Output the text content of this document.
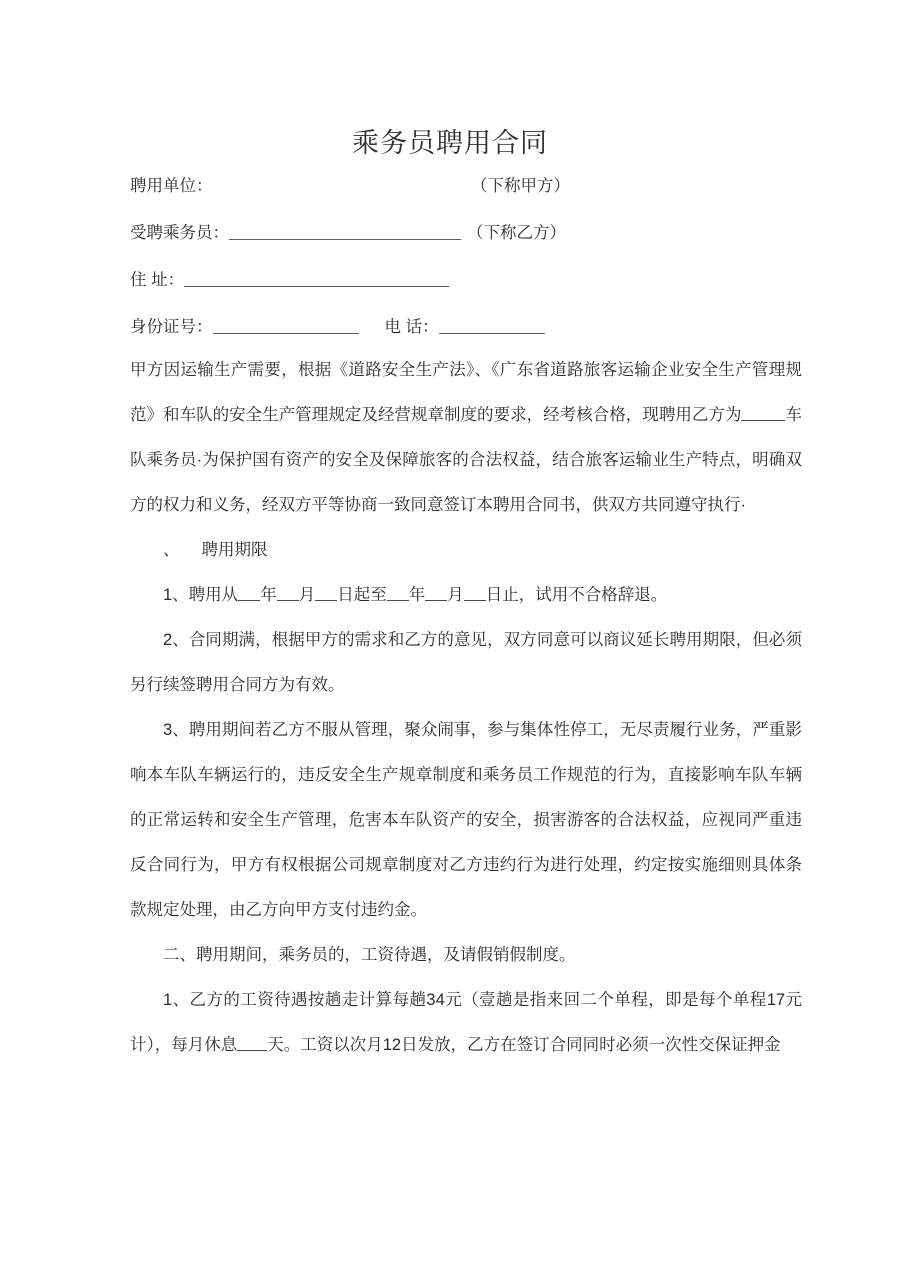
乘务员聘用合同
聘用单位：	（下称甲方）
受聘乘务员：	（下称乙方）
住 址：
身份证号：	电 话：

甲方因运输生产需要，根据《道路安全生产法》、《广东省道路旅客运输企业安全生产管理规范》和车队的安全生产管理规定及经营规章制度的要求，经考核合格，现聘用乙方为	车队乘务员·为保护国有资产的安全及保障旅客的合法权益，结合旅客运输业生产特点，明确双方的权力和义务，经双方平等协商一致同意签订本聘用合同书，供双方共同遵守执行·

、 聘用期限

1、聘用从 年 月 日起至 年 月 日止，试用不合格辞退。

2、合同期满，根据甲方的需求和乙方的意见，双方同意可以商议延长聘用期限，但必须另行续签聘用合同方为有效。

3、聘用期间若乙方不服从管理，聚众闹事，参与集体性停工，无尽责履行业务，严重影响本车队车辆运行的，违反安全生产规章制度和乘务员工作规范的行为，直接影响车队车辆的正常运转和安全生产管理，危害本车队资产的安全，损害游客的合法权益，应视同严重违反合同行为，甲方有权根据公司规章制度对乙方违约行为进行处理，约定按实施细则具体条款规定处理，由乙方向甲方支付违约金。

二、聘用期间，乘务员的，工资待遇，及请假销假制度。

1、乙方的工资待遇按趟走计算每趟34元（壹趟是指来回二个单程，即是每个单程17元计），每月休息 天。工资以次月12日发放，乙方在签订合同同时必须一次性交保证押金
